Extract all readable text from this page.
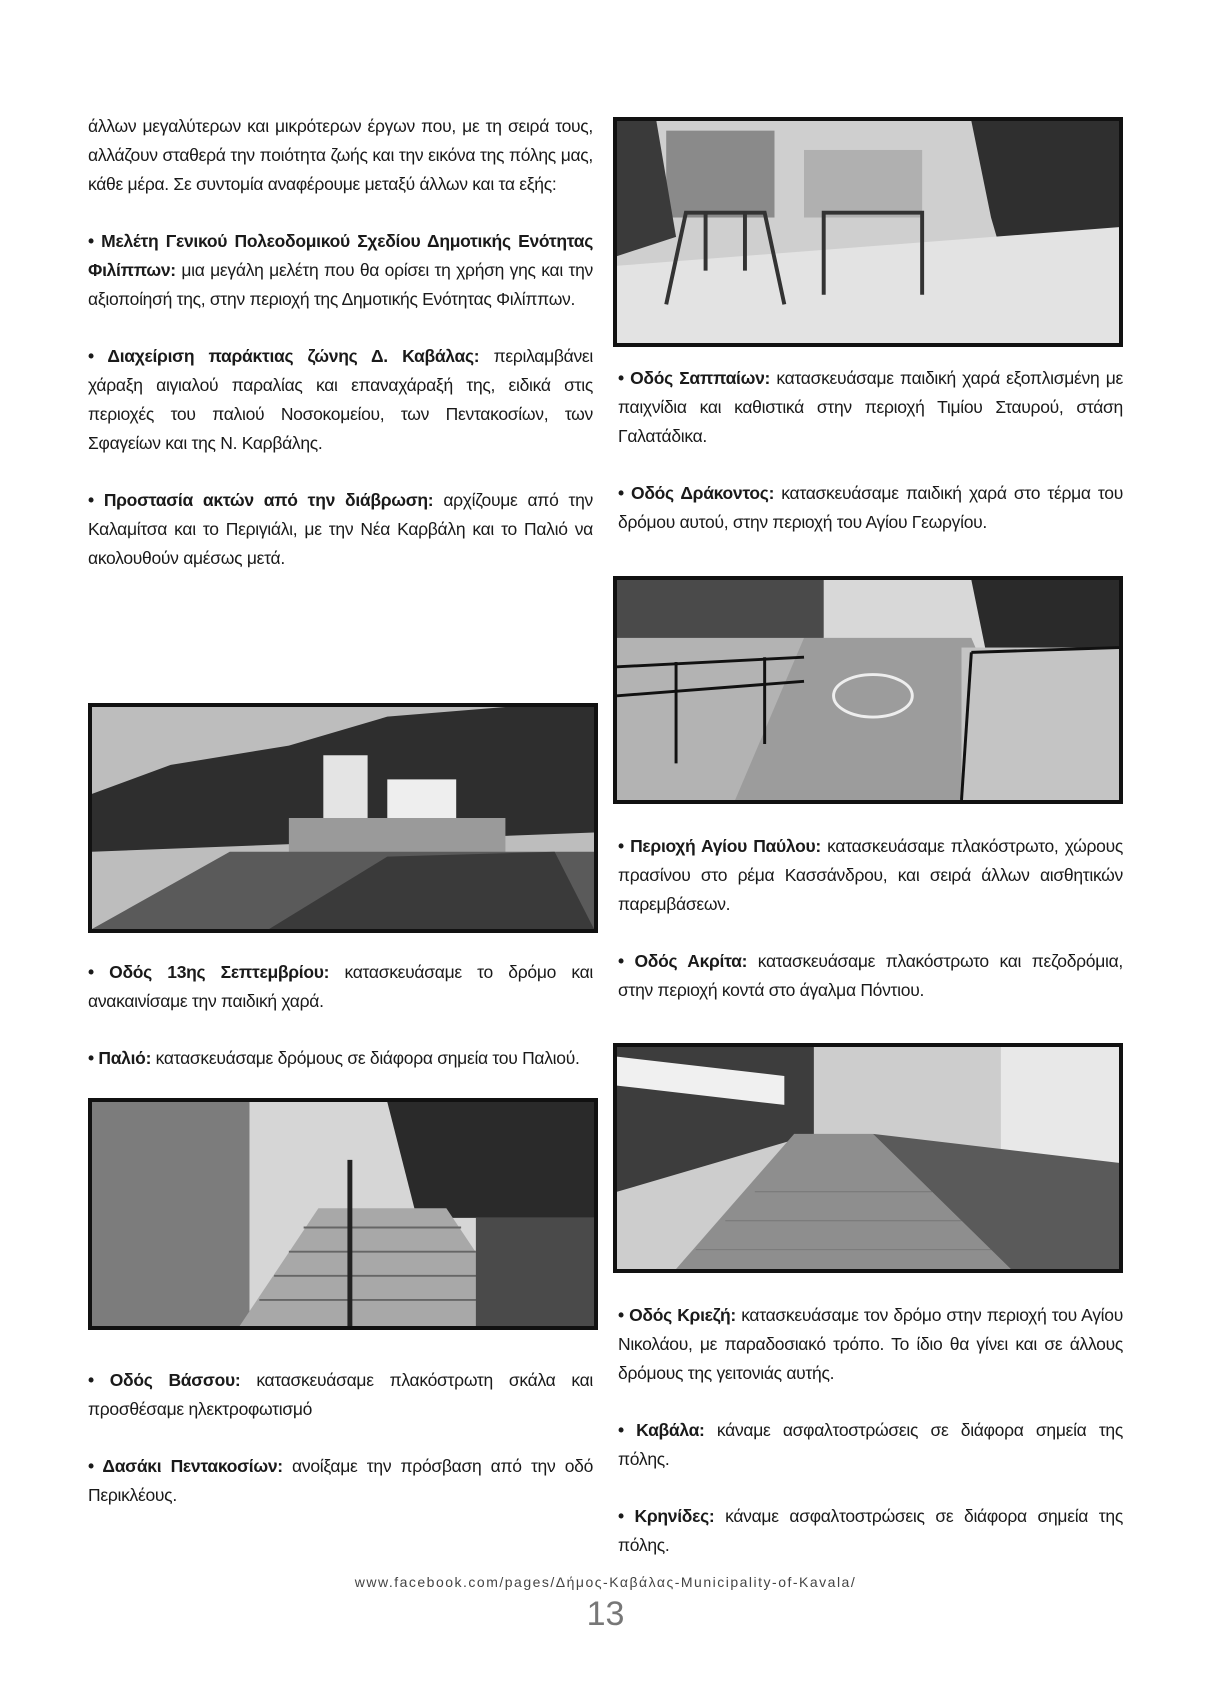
άλλων μεγαλύτερων και μικρότερων έργων που, με τη σειρά τους, αλλάζουν σταθερά την ποιότητα ζωής και την εικόνα της πόλης μας, κάθε μέρα. Σε συντομία αναφέρουμε μεταξύ άλλων και τα εξής:

• Μελέτη Γενικού Πολεοδομικού Σχεδίου Δημοτικής Ενότητας Φιλίππων: μια μεγάλη μελέτη που θα ορίσει τη χρήση γης και την αξιοποίησή της, στην περιοχή της Δημοτικής Ενότητας Φιλίππων.

• Διαχείριση παράκτιας ζώνης Δ. Καβάλας: περιλαμβάνει χάραξη αιγιαλού παραλίας και επαναχάραξή της, ειδικά στις περιοχές του παλιού Νοσοκομείου, των Πεντακοσίων, των Σφαγείων και της Ν. Καρβάλης.

• Προστασία ακτών από την διάβρωση: αρχίζουμε από την Καλαμίτσα και το Περιγιάλι, με την Νέα Καρβάλη και το Παλιό να ακολουθούν αμέσως μετά.

• Οδός 13ης Σεπτεμβρίου: κατασκευάσαμε το δρόμο και ανακαινίσαμε την παιδική χαρά.

• Παλιό: κατασκευάσαμε δρόμους σε διάφορα σημεία του Παλιού.

• Οδός Βάσσου: κατασκευάσαμε πλακόστρωτη σκάλα και προσθέσαμε ηλεκτροφωτισμό

• Δασάκι Πεντακοσίων: ανοίξαμε την πρόσβαση από την οδό Περικλέους.

• Οδός Σαππαίων: κατασκευάσαμε παιδική χαρά εξοπλισμένη με παιχνίδια και καθιστικά στην περιοχή Τιμίου Σταυρού, στάση Γαλατάδικα.

• Οδός Δράκοντος: κατασκευάσαμε παιδική χαρά στο τέρμα του δρόμου αυτού, στην περιοχή του Αγίου Γεωργίου.

• Περιοχή Αγίου Παύλου: κατασκευάσαμε πλακόστρωτο, χώρους πρασίνου στο ρέμα Κασσάνδρου, και σειρά άλλων αισθητικών παρεμβάσεων.

• Οδός Ακρίτα: κατασκευάσαμε πλακόστρωτο και πεζοδρόμια, στην περιοχή κοντά στο άγαλμα Πόντιου.

• Οδός Κριεζή: κατασκευάσαμε τον δρόμο στην περιοχή του Αγίου Νικολάου, με παραδοσιακό τρόπο. Το ίδιο θα γίνει και σε άλλους δρόμους της γειτονιάς αυτής.

• Καβάλα: κάναμε ασφαλτοστρώσεις σε διάφορα σημεία της πόλης.

• Κρηνίδες: κάναμε ασφαλτοστρώσεις σε διάφορα σημεία της πόλης.

www.facebook.com/pages/Δήμος-Καβάλας-Municipality-of-Kavala/
13
